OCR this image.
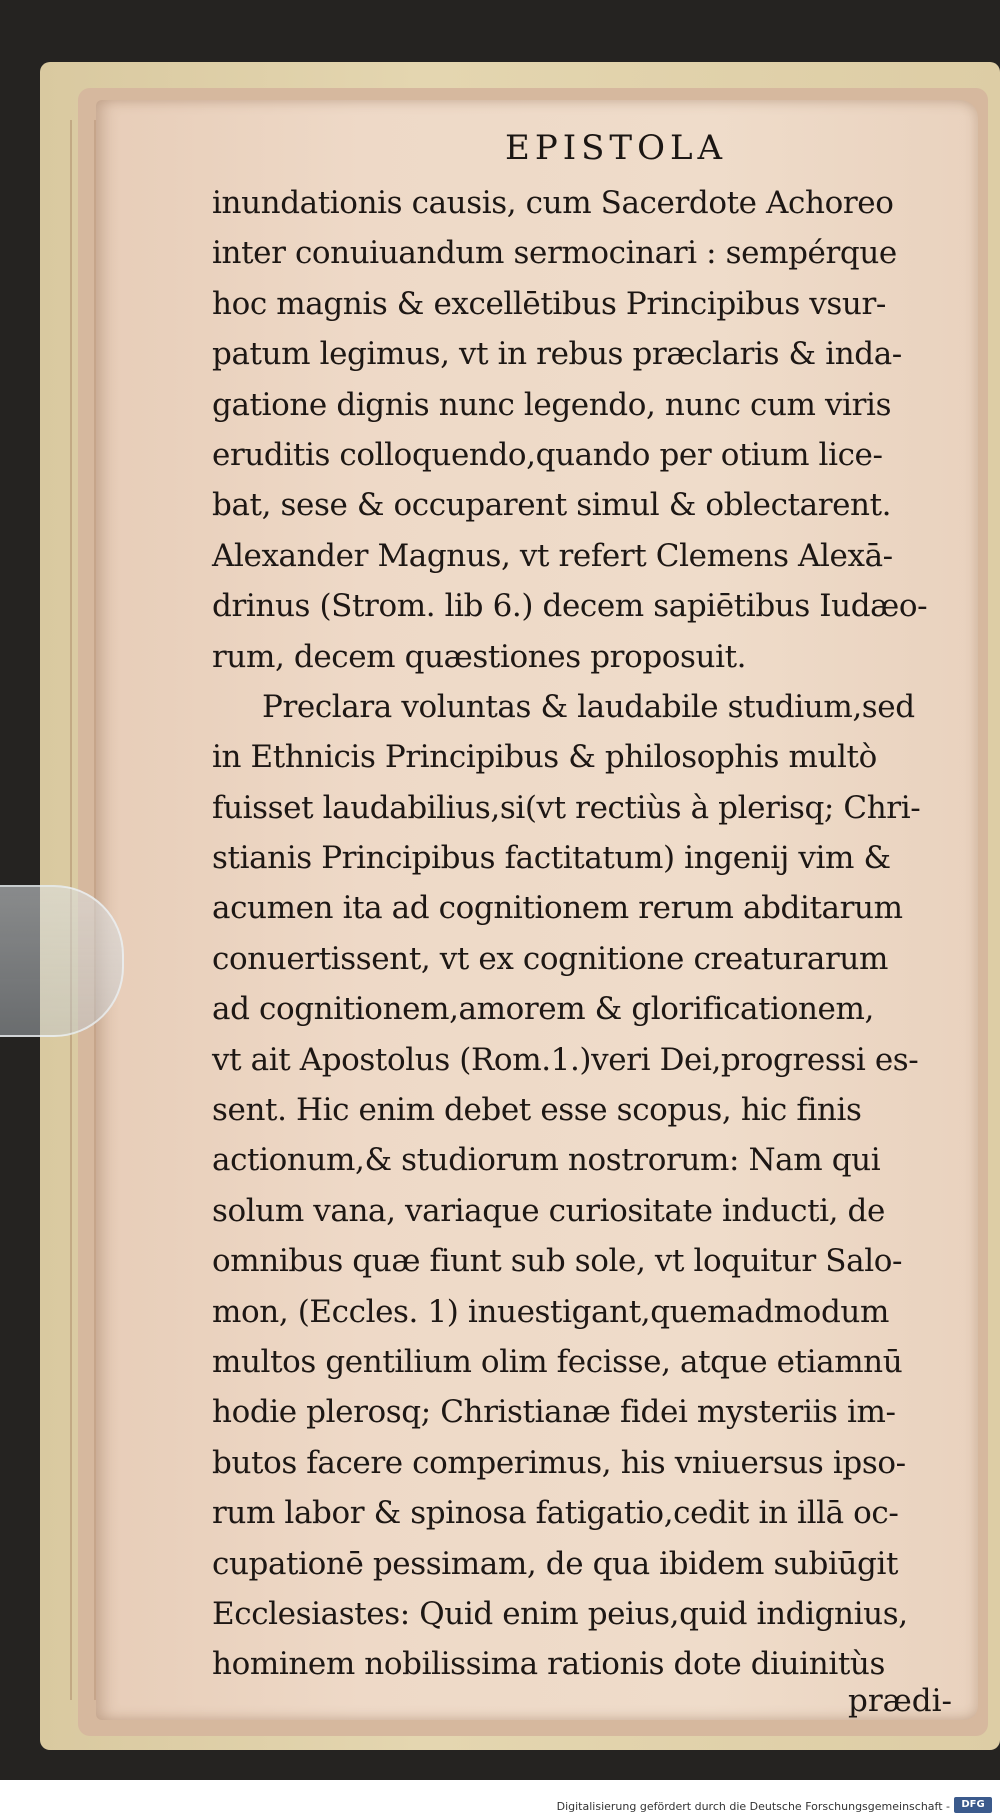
EPISTOLA
inundationis causis, cum Sacerdote Achoreo
inter conuiuandum sermocinari : sempérque
hoc magnis & excellētibus Principibus vsur-
patum legimus, vt in rebus præclaris & inda-
gatione dignis nunc legendo, nunc cum viris
eruditis colloquendo,quando per otium lice-
bat, sese & occuparent simul & oblectarent.
Alexander Magnus, vt refert Clemens Alexā-
drinus (Strom. lib 6.) decem sapiētibus Iudæo-
rum, decem quæstiones proposuit.
Preclara voluntas & laudabile studium,sed
in Ethnicis Principibus & philosophis multò
fuisset laudabilius,si(vt rectiùs à plerisq; Chri-
stianis Principibus factitatum) ingenij vim &
acumen ita ad cognitionem rerum abditarum
conuertissent, vt ex cognitione creaturarum
ad cognitionem,amorem & glorificationem,
vt ait Apostolus (Rom.1.)veri Dei,progressi es-
sent. Hic enim debet esse scopus, hic finis
actionum,& studiorum nostrorum: Nam qui
solum vana, variaque curiositate inducti, de
omnibus quæ fiunt sub sole, vt loquitur Salo-
mon, (Eccles. 1) inuestigant,quemadmodum
multos gentilium olim fecisse, atque etiamnū
hodie plerosq; Christianæ fidei mysteriis im-
butos facere comperimus, his vniuersus ipso-
rum labor & spinosa fatigatio,cedit in illā oc-
cupationē pessimam, de qua ibidem subiūgit
Ecclesiastes: Quid enim peius,quid indignius,
hominem nobilissima rationis dote diuinitùs

prædi-

Digitalisierung gefördert durch die Deutsche Forschungsgemeinschaft -	DFG
